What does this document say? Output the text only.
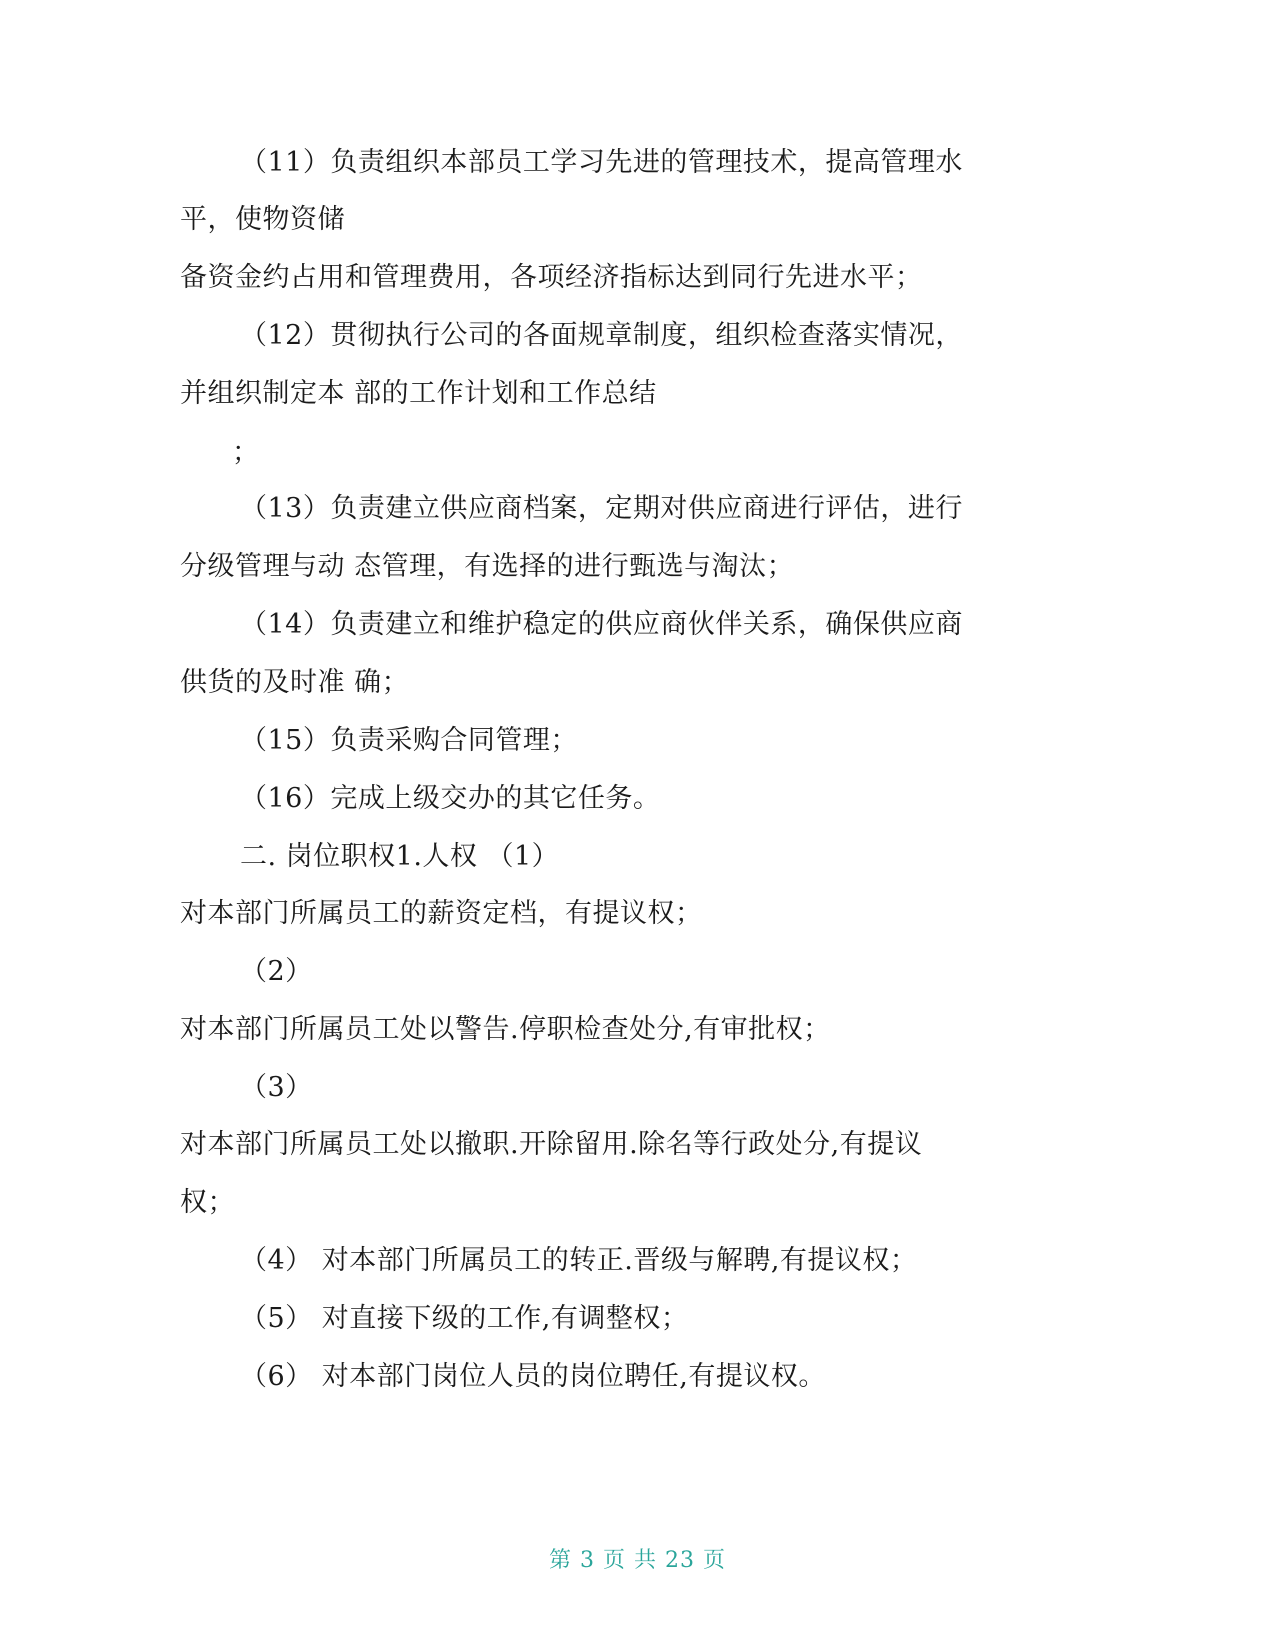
（11）负责组织本部员工学习先进的管理技术，提高管理水
平，使物资储
备资金约占用和管理费用，各项经济指标达到同行先进水平；
（12）贯彻执行公司的各面规章制度，组织检查落实情况，
并组织制定本 部的工作计划和工作总结
；
（13）负责建立供应商档案，定期对供应商进行评估，进行
分级管理与动 态管理，有选择的进行甄选与淘汰；
（14）负责建立和维护稳定的供应商伙伴关系，确保供应商
供货的及时准 确；
（15）负责采购合同管理；
（16）完成上级交办的其它任务。
二. 岗位职权1.人权 （1）
对本部门所属员工的薪资定档，有提议权；
（2）
对本部门所属员工处以警告.停职检查处分,有审批权；
（3）
对本部门所属员工处以撤职.开除留用.除名等行政处分,有提议
权；
（4） 对本部门所属员工的转正.晋级与解聘,有提议权；
（5） 对直接下级的工作,有调整权；
（6） 对本部门岗位人员的岗位聘任,有提议权。
第 3 页 共 23 页
